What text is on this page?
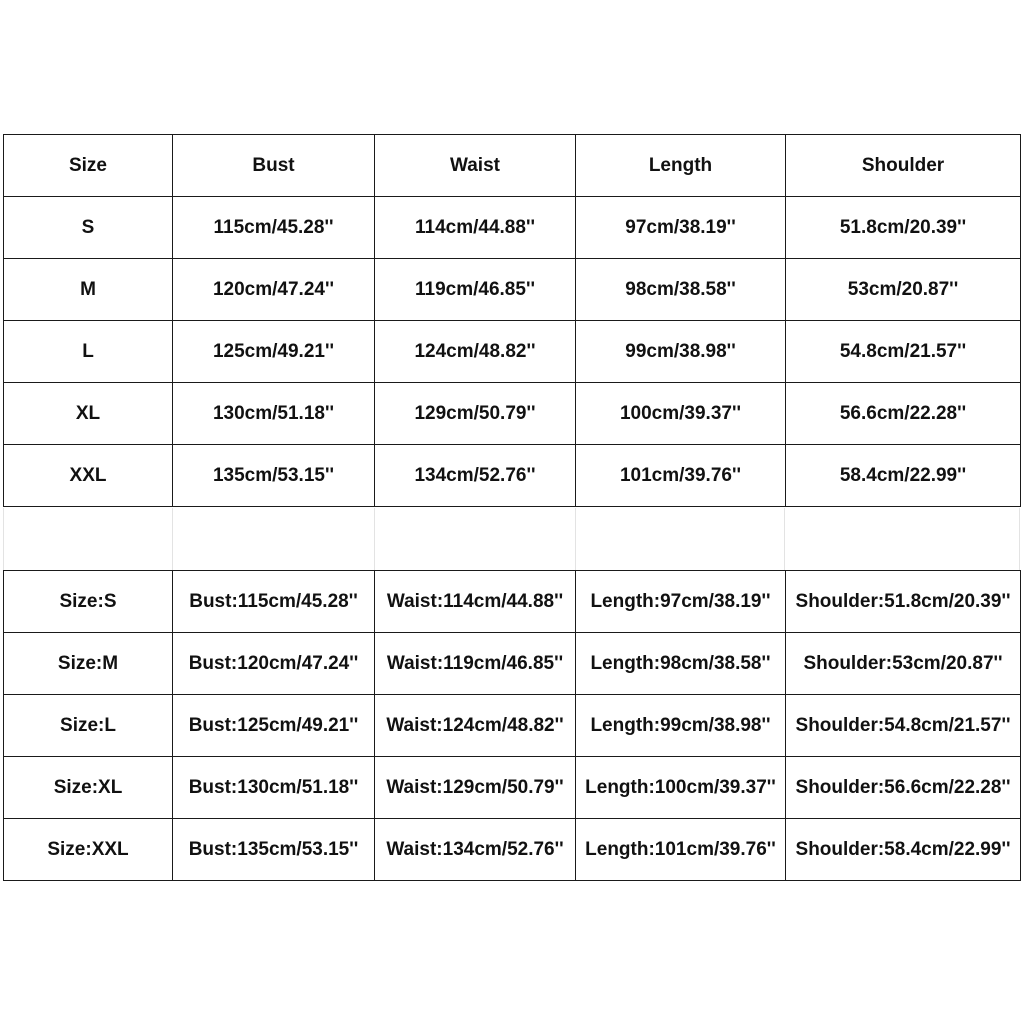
Size	Bust	Waist	Length	Shoulder
S	115cm/45.28''	114cm/44.88''	97cm/38.19''	51.8cm/20.39''
M	120cm/47.24''	119cm/46.85''	98cm/38.58''	53cm/20.87''
L	125cm/49.21''	124cm/48.82''	99cm/38.98''	54.8cm/21.57''
XL	130cm/51.18''	129cm/50.79''	100cm/39.37''	56.6cm/22.28''
XXL	135cm/53.15''	134cm/52.76''	101cm/39.76''	58.4cm/22.99''
Size:S	Bust:115cm/45.28''	Waist:114cm/44.88''	Length:97cm/38.19''	Shoulder:51.8cm/20.39''
Size:M	Bust:120cm/47.24''	Waist:119cm/46.85''	Length:98cm/38.58''	Shoulder:53cm/20.87''
Size:L	Bust:125cm/49.21''	Waist:124cm/48.82''	Length:99cm/38.98''	Shoulder:54.8cm/21.57''
Size:XL	Bust:130cm/51.18''	Waist:129cm/50.79''	Length:100cm/39.37''	Shoulder:56.6cm/22.28''
Size:XXL	Bust:135cm/53.15''	Waist:134cm/52.76''	Length:101cm/39.76''	Shoulder:58.4cm/22.99''
